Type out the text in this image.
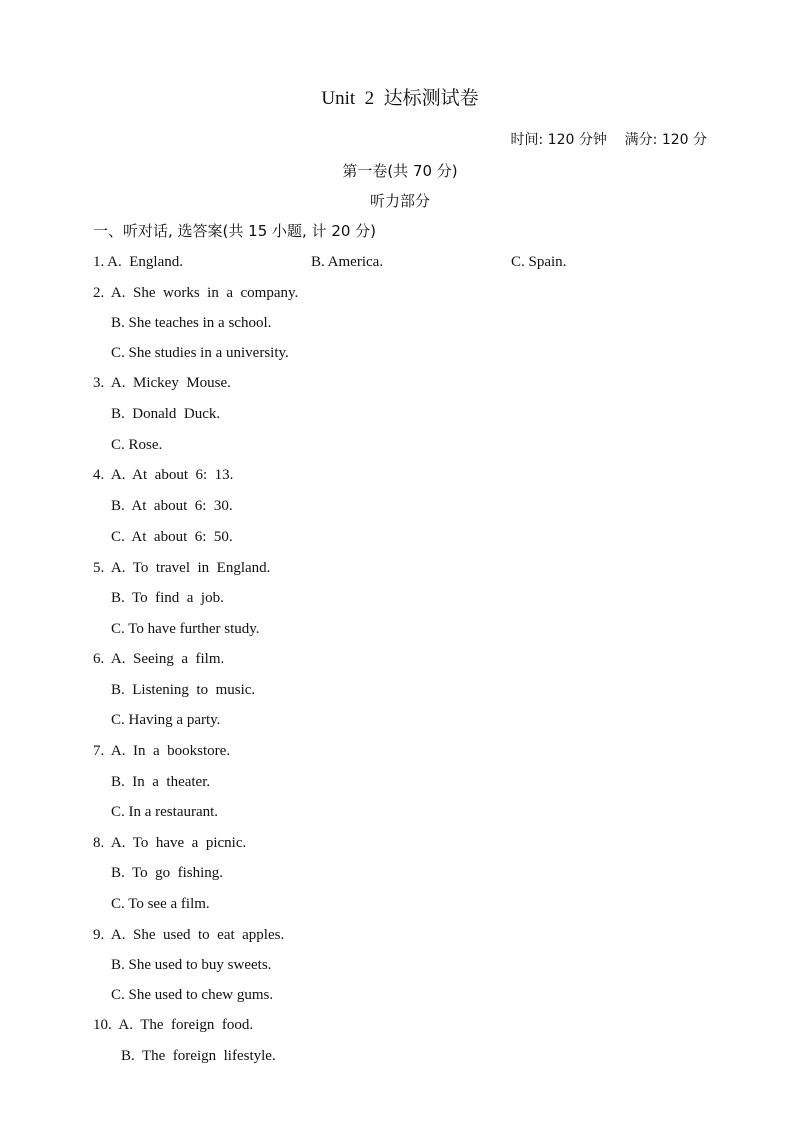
Unit  2  达标测试卷
时间: 120 分钟    满分: 120 分
第一卷(共 70 分)
听力部分
一、听对话, 选答案(共 15 小题, 计 20 分)
1. A.  England.	B. America.	C. Spain.
2.  A.  She  works  in  a  company.
B. She teaches in a school.
C. She studies in a university.
3.  A.  Mickey  Mouse.
B.  Donald  Duck.
C. Rose.
4.  A.  At  about  6:  13.
B.  At  about  6:  30.
C.  At  about  6:  50.
5.  A.  To  travel  in  England.
B.  To  find  a  job.
C. To have further study.
6.  A.  Seeing  a  film.
B.  Listening  to  music.
C. Having a party.
7.  A.  In  a  bookstore.
B.  In  a  theater.
C. In a restaurant.
8.  A.  To  have  a  picnic.
B.  To  go  fishing.
C. To see a film.
9.  A.  She  used  to  eat  apples.
B. She used to buy sweets.
C. She used to chew gums.
10.  A.  The  foreign  food.
B.  The  foreign  lifestyle.
